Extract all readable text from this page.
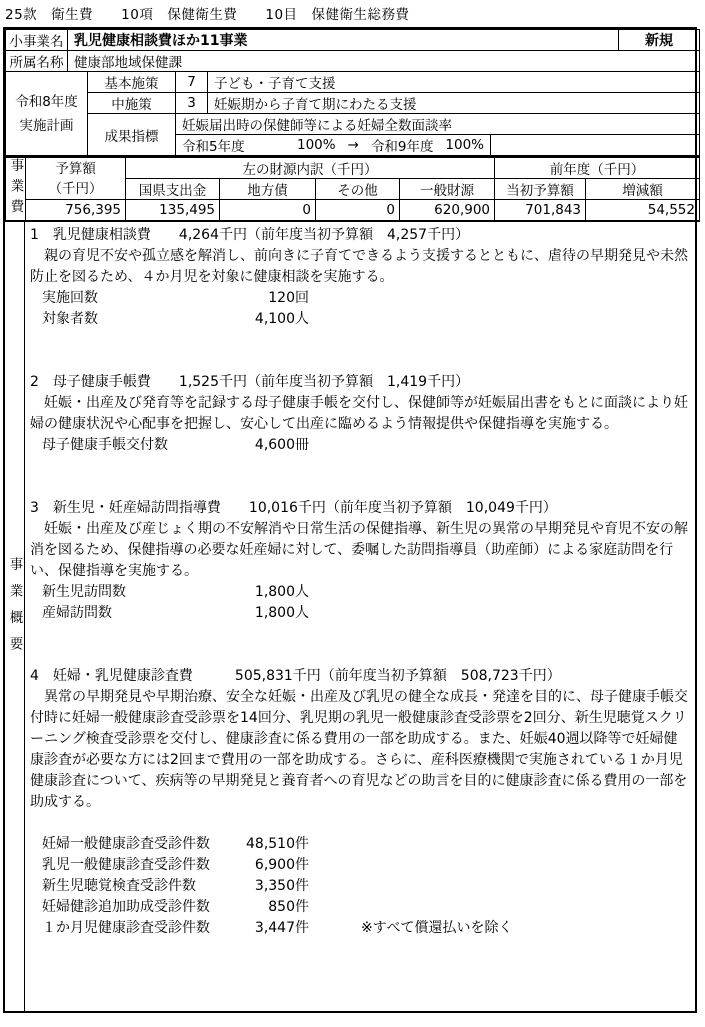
25款　衛生費　　10項　保健衛生費　　10目　保健衛生総務費
小事業名	乳児健康相談費ほか11事業					新規
所属名称	健康部地域保健課					

令和8年度
実施計画		基本施策	7	子ども・子育て支援		
		中施策	3	妊娠期から子育て期にわたる支援		
		成果指標	妊娠届出時の保健師等による妊婦全数面談率			

			令和5年度 100% → 令和9年度 100%			

事業費	予算額
（千円）	左の財源内訳（千円）				前年度（千円）	
		国県支出金	地方債	その他	一般財源	当初予算額	増減額
	756,395	135,495	0	0	620,900	701,843	54,552
事業概要
1　乳児健康相談費　　4,264千円（前年度当初予算額　4,257千円）
　親の育児不安や孤立感を解消し、前向きに子育てできるよう支援するとともに、虐待の早期発見や未然防止を図るため、４か月児を対象に健康相談を実施する。
実施回数	120 回
対象者数	4,100 人
2　母子健康手帳費　　1,525千円（前年度当初予算額　1,419千円）
　妊娠・出産及び発育等を記録する母子健康手帳を交付し、保健師等が妊娠届出書をもとに面談により妊婦の健康状況や心配事を把握し、安心して出産に臨めるよう情報提供や保健指導を実施する。
母子健康手帳交付数	4,600 冊
3　新生児・妊産婦訪問指導費　　10,016千円（前年度当初予算額　10,049千円）
　妊娠・出産及び産じょく期の不安解消や日常生活の保健指導、新生児の異常の早期発見や育児不安の解消を図るため、保健指導の必要な妊産婦に対して、委嘱した訪問指導員（助産師）による家庭訪問を行い、保健指導を実施する。
新生児訪問数	1,800 人
産婦訪問数	1,800 人
4　妊婦・乳児健康診査費　　　505,831千円（前年度当初予算額　508,723千円）
　異常の早期発見や早期治療、安全な妊娠・出産及び乳児の健全な成長・発達を目的に、母子健康手帳交付時に妊婦一般健康診査受診票を14回分、乳児期の乳児一般健康診査受診票を2回分、新生児聴覚スクリーニング検査受診票を交付し、健康診査に係る費用の一部を助成する。また、妊娠40週以降等で妊婦健康診査が必要な方には2回まで費用の一部を助成する。さらに、産科医療機関で実施されている１か月児健康診査について、疾病等の早期発見と養育者への育児などの助言を目的に健康診査に係る費用の一部を助成する。
妊婦一般健康診査受診件数	48,510 件
乳児一般健康診査受診件数	6,900 件
新生児聴覚検査受診件数	3,350 件
妊婦健診追加助成受診件数	850 件
１か月児健康診査受診件数	3,447 件	※すべて償還払いを除く
